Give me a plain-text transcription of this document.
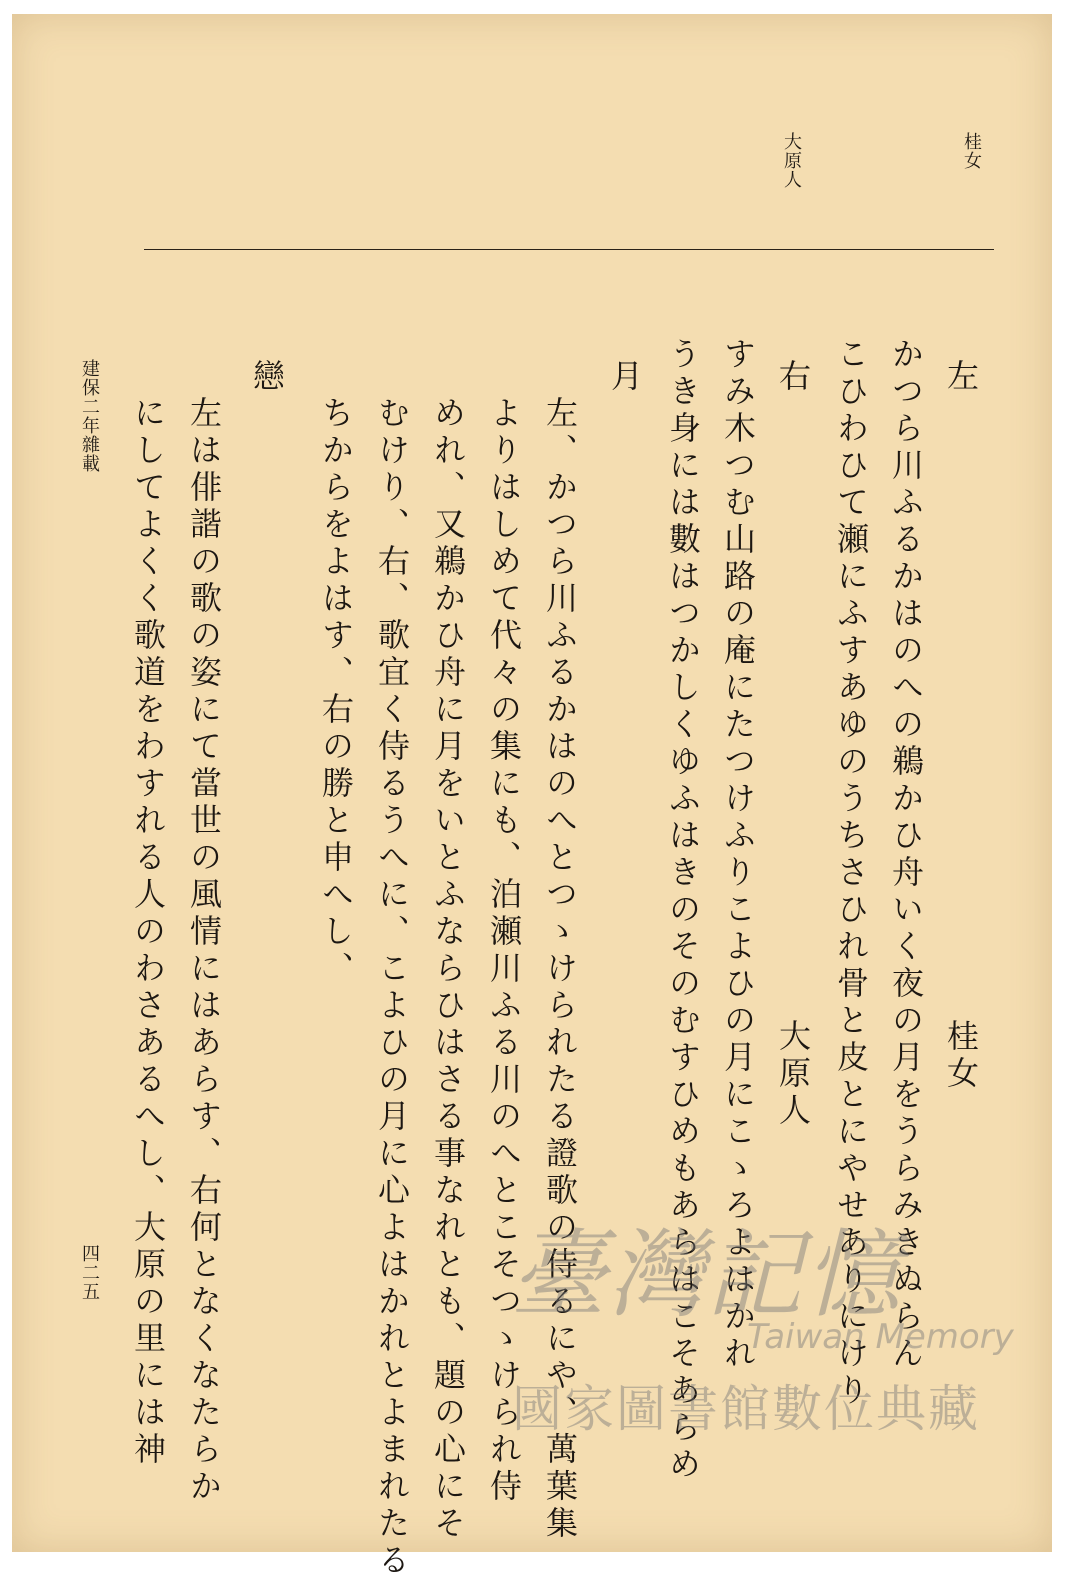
桂女
大原人
左
桂女
かつら川ふるかはのへの鵜かひ舟いく夜の月をうらみきぬらん
こひわひて瀬にふすあゆのうちさひれ骨と皮とにやせありにけり
右
大原人
すみ木つむ山路の庵にたつけふりこよひの月にこゝろよはかれ
うき身には數はつかしくゆふはきのそのむすひめもあらはこそあらめ
月
左、かつら川ふるかはのへとつゝけられたる證歌の侍るにや、萬葉集
よりはしめて代々の集にも、泊瀬川ふる川のへとこそつゝけられ侍
めれ、又鵜かひ舟に月をいとふならひはさる事なれとも、題の心にそ
むけり、右、歌宜く侍るうへに、こよひの月に心よはかれとよまれたる
ちからをよはす、右の勝と申へし、
戀
左は俳諧の歌の姿にて當世の風情にはあらす、右何となくなたらか
にしてよくく歌道をわすれる人のわさあるへし、大原の里には神
建保二年雜載
四二五	臺灣記憶
Taiwan Memory
國家圖書館數位典藏
